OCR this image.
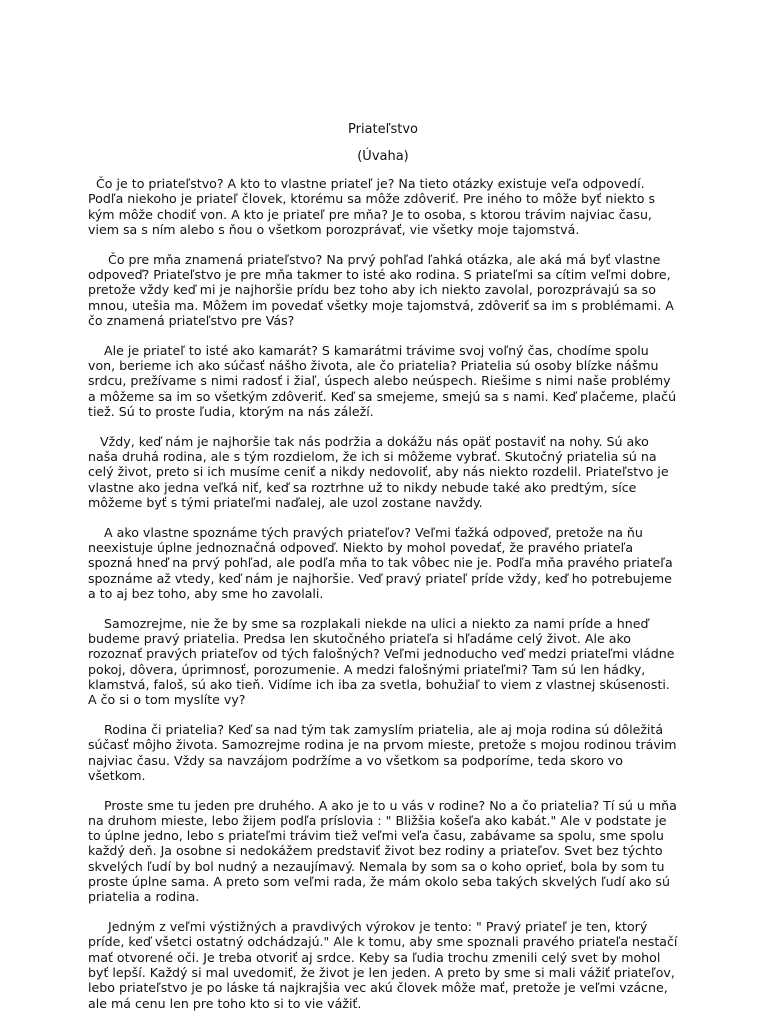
Priateľstvo

(Úvaha)

Čo je to priateľstvo? A kto to vlastne priateľ je? Na tieto otázky existuje veľa odpovedí. Podľa niekoho je priateľ človek, ktorému sa môže zdôveriť. Pre iného to môže byť niekto s kým môže chodiť von. A kto je priateľ pre mňa? Je to osoba, s ktorou trávim najviac času, viem sa s ním alebo s ňou o všetkom porozprávať, vie všetky moje tajomstvá.

Čo pre mňa znamená priateľstvo? Na prvý pohľad ľahká otázka, ale aká má byť vlastne odpoveď? Priateľstvo je pre mňa takmer to isté ako rodina. S priateľmi sa cítim veľmi dobre, pretože vždy keď mi je najhoršie prídu bez toho aby ich niekto zavolal, porozprávajú sa so mnou, utešia ma. Môžem im povedať všetky moje tajomstvá, zdôveriť sa im s problémami. A čo znamená priateľstvo pre Vás?

Ale je priateľ to isté ako kamarát? S kamarátmi trávime svoj voľný čas, chodíme spolu von, berieme ich ako súčasť nášho života, ale čo priatelia? Priatelia sú osoby blízke nášmu srdcu, prežívame s nimi radosť i žiaľ, úspech alebo neúspech. Riešime s nimi naše problémy a môžeme sa im so všetkým zdôveriť. Keď sa smejeme, smejú sa s nami. Keď plačeme, plačú tiež. Sú to proste ľudia, ktorým na nás záleží.

Vždy, keď nám je najhoršie tak nás podržia a dokážu nás opäť postaviť na nohy. Sú ako naša druhá rodina, ale s tým rozdielom, že ich si môžeme vybrať. Skutočný priatelia sú na celý život, preto si ich musíme ceniť a nikdy nedovoliť, aby nás niekto rozdelil. Priateľstvo je vlastne ako jedna veľká niť, keď sa roztrhne už to nikdy nebude také ako predtým, síce môžeme byť s tými priateľmi naďalej, ale uzol zostane navždy.

A ako vlastne spoznáme tých pravých priateľov? Veľmi ťažká odpoveď, pretože na ňu neexistuje úplne jednoznačná odpoveď. Niekto by mohol povedať, že pravého priateľa spozná hneď na prvý pohľad, ale podľa mňa to tak vôbec nie je. Podľa mňa pravého priateľa spoznáme až vtedy, keď nám je najhoršie. Veď pravý priateľ príde vždy, keď ho potrebujeme a to aj bez toho, aby sme ho zavolali.

Samozrejme, nie že by sme sa rozplakali niekde na ulici a niekto za nami príde a hneď budeme pravý priatelia. Predsa len skutočného priateľa si hľadáme celý život. Ale ako rozoznať pravých priateľov od tých falošných? Veľmi jednoducho veď medzi priateľmi vládne pokoj, dôvera, úprimnosť, porozumenie. A medzi falošnými priateľmi? Tam sú len hádky, klamstvá, faloš, sú ako tieň. Vidíme ich iba za svetla, bohužiaľ to viem z vlastnej skúsenosti. A čo si o tom myslíte vy?

Rodina či priatelia? Keď sa nad tým tak zamyslím priatelia, ale aj moja rodina sú dôležitá súčasť môjho života. Samozrejme rodina je na prvom mieste, pretože s mojou rodinou trávim najviac času. Vždy sa navzájom podržíme a vo všetkom sa podporíme, teda skoro vo všetkom.

Proste sme tu jeden pre druhého. A ako je to u vás v rodine? No a čo priatelia? Tí sú u mňa na druhom mieste, lebo žijem podľa príslovia : " Bližšia košeľa ako kabát." Ale v podstate je to úplne jedno, lebo s priateľmi trávim tiež veľmi veľa času, zabávame sa spolu, sme spolu každý deň. Ja osobne si nedokážem predstaviť život bez rodiny a priateľov. Svet bez týchto skvelých ľudí by bol nudný a nezaujímavý. Nemala by som sa o koho oprieť, bola by som tu proste úplne sama. A preto som veľmi rada, že mám okolo seba takých skvelých ľudí ako sú priatelia a rodina.

Jedným z veľmi výstižných a pravdivých výrokov je tento: " Pravý priateľ je ten, ktorý príde, keď všetci ostatný odchádzajú." Ale k tomu, aby sme spoznali pravého priateľa nestačí mať otvorené oči. Je treba otvoriť aj srdce. Keby sa ľudia trochu zmenili celý svet by mohol byť lepší. Každý si mal uvedomiť, že život je len jeden. A preto by sme si mali vážiť priateľov, lebo priateľstvo je po láske tá najkrajšia vec akú človek môže mať, pretože je veľmi vzácne, ale má cenu len pre toho kto si to vie vážiť.
